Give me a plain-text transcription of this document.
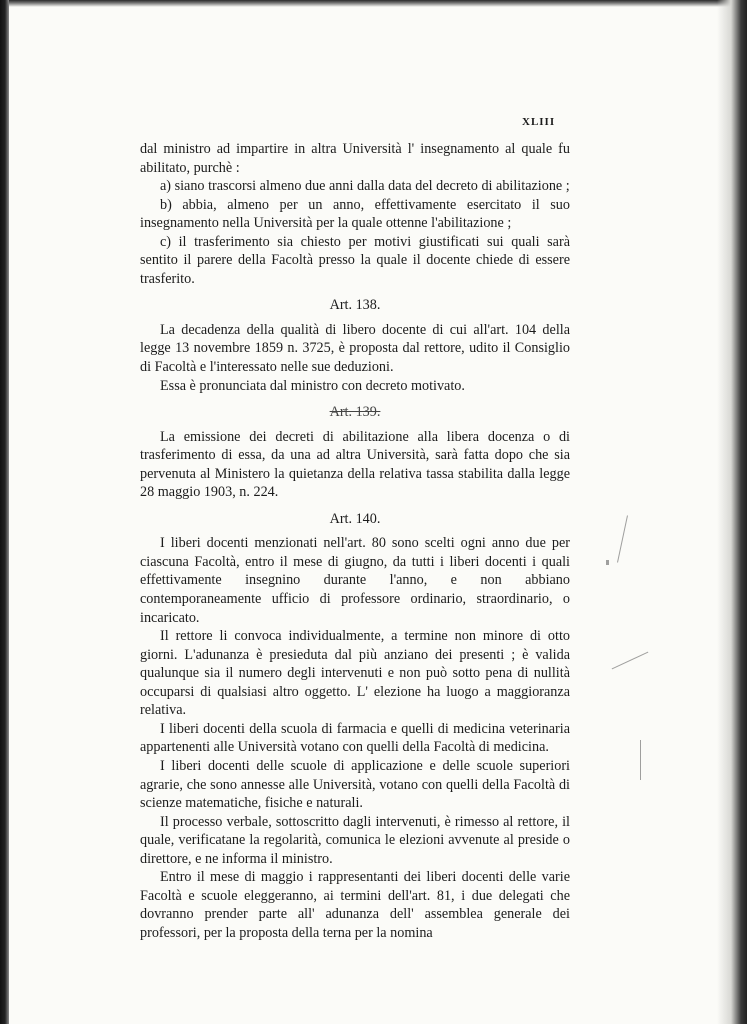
XLIII

dal ministro ad impartire in altra Università l' insegnamento al quale fu abilitato, purchè :

a) siano trascorsi almeno due anni dalla data del decreto di abilitazione ;

b) abbia, almeno per un anno, effettivamente esercitato il suo insegnamento nella Università per la quale ottenne l'abilitazione ;

c) il trasferimento sia chiesto per motivi giustificati sui quali sarà sentito il parere della Facoltà presso la quale il docente chiede di essere trasferito.

Art. 138.

La decadenza della qualità di libero docente di cui all'art. 104 della legge 13 novembre 1859 n. 3725, è proposta dal rettore, udito il Consiglio di Facoltà e l'interessato nelle sue deduzioni.

Essa è pronunciata dal ministro con decreto motivato.

Art. 139.

La emissione dei decreti di abilitazione alla libera docenza o di trasferimento di essa, da una ad altra Università, sarà fatta dopo che sia pervenuta al Ministero la quietanza della relativa tassa stabilita dalla legge 28 maggio 1903, n. 224.

Art. 140.

I liberi docenti menzionati nell'art. 80 sono scelti ogni anno due per ciascuna Facoltà, entro il mese di giugno, da tutti i liberi docenti i quali effettivamente insegnino durante l'anno, e non abbiano contemporaneamente ufficio di professore ordinario, straordinario, o incaricato.

Il rettore li convoca individualmente, a termine non minore di otto giorni. L'adunanza è presieduta dal più anziano dei presenti ; è valida qualunque sia il numero degli intervenuti e non può sotto pena di nullità occuparsi di qualsiasi altro oggetto. L' elezione ha luogo a maggioranza relativa.

I liberi docenti della scuola di farmacia e quelli di medicina veterinaria appartenenti alle Università votano con quelli della Facoltà di medicina.

I liberi docenti delle scuole di applicazione e delle scuole superiori agrarie, che sono annesse alle Università, votano con quelli della Facoltà di scienze matematiche, fisiche e naturali.

Il processo verbale, sottoscritto dagli intervenuti, è rimesso al rettore, il quale, verificatane la regolarità, comunica le elezioni avvenute al preside o direttore, e ne informa il ministro.

Entro il mese di maggio i rappresentanti dei liberi docenti delle varie Facoltà e scuole eleggeranno, ai termini dell'art. 81, i due delegati che dovranno prender parte all' adunanza dell' assemblea generale dei professori, per la proposta della terna per la nomina
